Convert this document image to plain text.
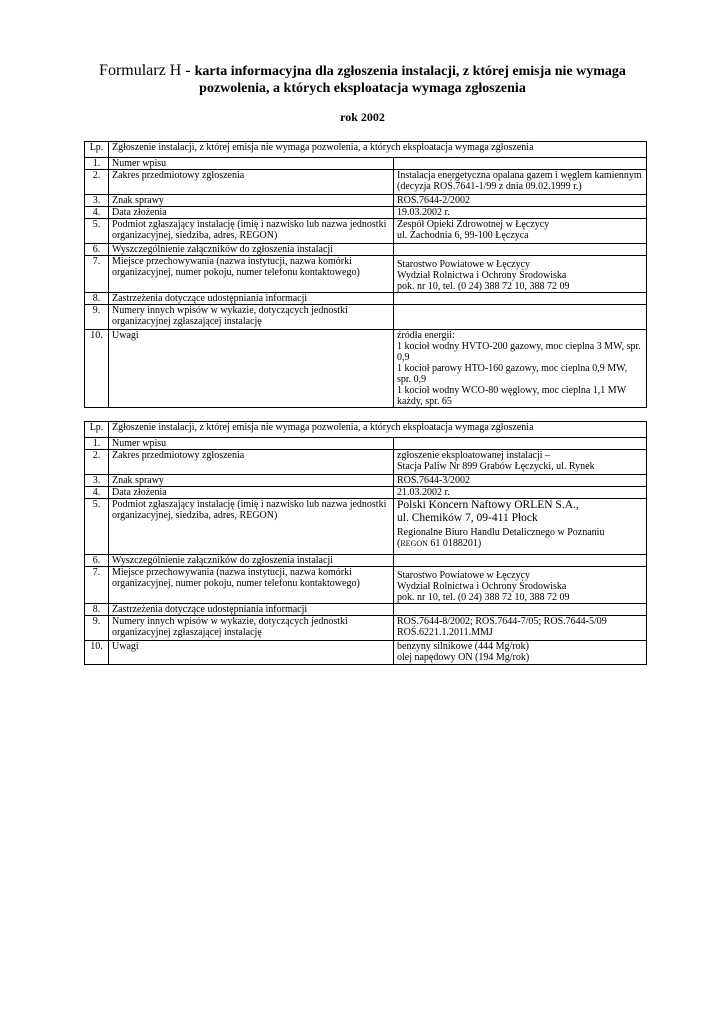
Formularz H - karta informacyjna dla zgłoszenia instalacji, z której emisja nie wymaga
pozwolenia, a których eksploatacja wymaga zgłoszenia
rok 2002
Lp.	Zgłoszenie instalacji, z której emisja nie wymaga pozwolenia, a których eksploatacja wymaga zgłoszenia	
1.	Numer wpisu	
2.	Zakres przedmiotowy zgłoszenia	Instalacja energetyczna opalana gazem i węglem kamiennym
(decyzja ROŚ.7641-1/99 z dnia 09.02.1999 r.)

3.	Znak sprawy	ROŚ.7644-2/2002
4.	Data złożenia	19.03.2002 r.
5.	Podmiot zgłaszający instalację (imię i nazwisko lub nazwa jednostki organizacyjnej, siedziba, adres, REGON)	Zespół Opieki Zdrowotnej w Łęczycy
ul. Zachodnia 6, 99-100 Łęczyca

6.	Wyszczególnienie załączników do zgłoszenia instalacji	
7.	Miejsce przechowywania (nazwa instytucji, nazwa komórki organizacyjnej, numer pokoju, numer telefonu kontaktowego)	Starostwo Powiatowe w Łęczycy
Wydział Rolnictwa i Ochrony Środowiska
pok. nr 10, tel. (0 24) 388 72 10, 388 72 09

8.	Zastrzeżenia dotyczące udostępniania informacji	
9.	Numery innych wpisów w wykazie, dotyczących jednostki organizacyjnej zgłaszającej instalację	
10.	Uwagi	źródła energii:
1 kocioł wodny HVTO-200 gazowy, moc cieplna 3 MW, spr. 0,9
1 kocioł parowy HTO-160 gazowy, moc cieplna 0,9 MW, spr. 0,9
1 kocioł wodny WCO-80 węglowy, moc cieplna 1,1 MW każdy, spr. 65
Lp.	Zgłoszenie instalacji, z której emisja nie wymaga pozwolenia, a których eksploatacja wymaga zgłoszenia	
1.	Numer wpisu	
2.	Zakres przedmiotowy zgłoszenia	zgłoszenie eksploatowanej instalacji –
Stacja Paliw Nr 899 Grabów Łęczycki, ul. Rynek

3.	Znak sprawy	ROŚ.7644-3/2002
4.	Data złożenia	21.03.2002 r.
5.	Podmiot zgłaszający instalację (imię i nazwisko lub nazwa jednostki organizacyjnej, siedziba, adres, REGON)	Polski Koncern Naftowy ORLEN S.A.,
ul. Chemików 7, 09-411 Płock
Regionalne Biuro Handlu Detalicznego w Poznaniu
(REGON 61 0188201)

6.	Wyszczególnienie załączników do zgłoszenia instalacji	
7.	Miejsce przechowywania (nazwa instytucji, nazwa komórki organizacyjnej, numer pokoju, numer telefonu kontaktowego)	Starostwo Powiatowe w Łęczycy
Wydział Rolnictwa i Ochrony Środowiska
pok. nr 10, tel. (0 24) 388 72 10, 388 72 09

8.	Zastrzeżenia dotyczące udostępniania informacji	
9.	Numery innych wpisów w wykazie, dotyczących jednostki organizacyjnej zgłaszającej instalację	ROŚ.7644-8/2002; ROŚ.7644-7/05; ROŚ.7644-5/09
ROŚ.6221.1.2011.MMJ

10.	Uwagi	benzyny silnikowe (444 Mg/rok)
olej napędowy ON (194 Mg/rok)
